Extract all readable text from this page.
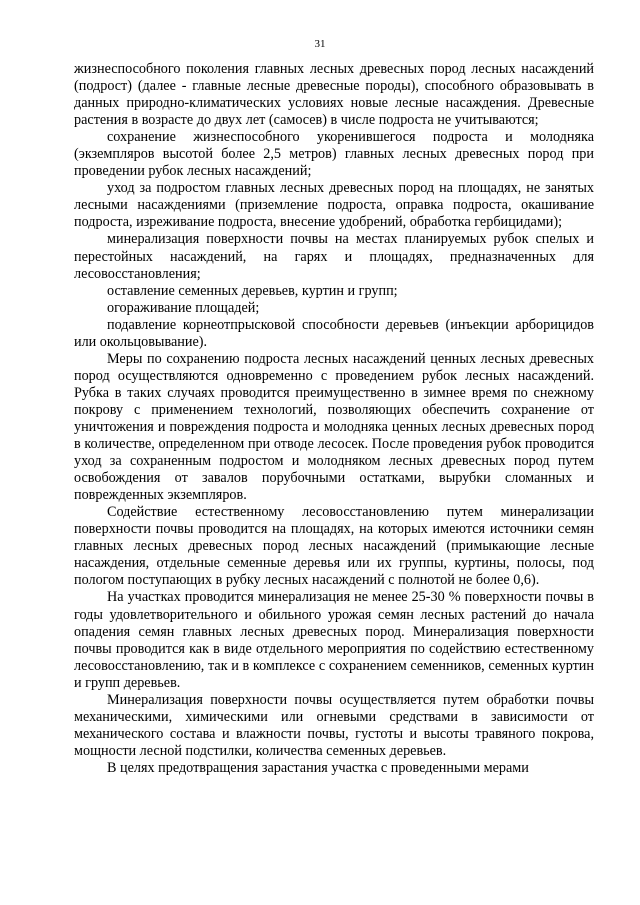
31

жизнеспособного поколения главных лесных древесных пород лесных насаждений (подрост) (далее - главные лесные древесные породы), способного образовывать в данных природно-климатических условиях новые лесные насаждения. Древесные растения в возрасте до двух лет (самосев) в числе подроста не учитываются;

сохранение жизнеспособного укоренившегося подроста и молодняка (экземпляров высотой более 2,5 метров) главных лесных древесных пород при проведении рубок лесных насаждений;

уход за подростом главных лесных древесных пород на площадях, не занятых лесными насаждениями (приземление подроста, оправка подроста, окашивание подроста, изреживание подроста, внесение удобрений, обработка гербицидами);

минерализация поверхности почвы на местах планируемых рубок спелых и перестойных насаждений, на гарях и площадях, предназначенных для лесовосстановления;

оставление семенных деревьев, куртин и групп;

огораживание площадей;

подавление корнеотпрысковой способности деревьев (инъекции арборицидов или окольцовывание).

Меры по сохранению подроста лесных насаждений ценных лесных древесных пород осуществляются одновременно с проведением рубок лесных насаждений. Рубка в таких случаях проводится преимущественно в зимнее время по снежному покрову с применением технологий, позволяющих обеспечить сохранение от уничтожения и повреждения подроста и молодняка ценных лесных древесных пород в количестве, определенном при отводе лесосек. После проведения рубок проводится уход за сохраненным подростом и молодняком лесных древесных пород путем освобождения от завалов порубочными остатками, вырубки сломанных и поврежденных экземпляров.

Содействие естественному лесовосстановлению путем минерализации поверхности почвы проводится на площадях, на которых имеются источники семян главных лесных древесных пород лесных насаждений (примыкающие лесные насаждения, отдельные семенные деревья или их группы, куртины, полосы, под пологом поступающих в рубку лесных насаждений с полнотой не более 0,6).

На участках проводится минерализация не менее 25-30 % поверхности почвы в годы удовлетворительного и обильного урожая семян лесных растений до начала опадения семян главных лесных древесных пород. Минерализация поверхности почвы проводится как в виде отдельного мероприятия по содействию естественному лесовосстановлению, так и в комплексе с сохранением семенников, семенных куртин и групп деревьев.

Минерализация поверхности почвы осуществляется путем обработки почвы механическими, химическими или огневыми средствами в зависимости от механического состава и влажности почвы, густоты и высоты травяного покрова, мощности лесной подстилки, количества семенных деревьев.

В целях предотвращения зарастания участка с проведенными мерами
